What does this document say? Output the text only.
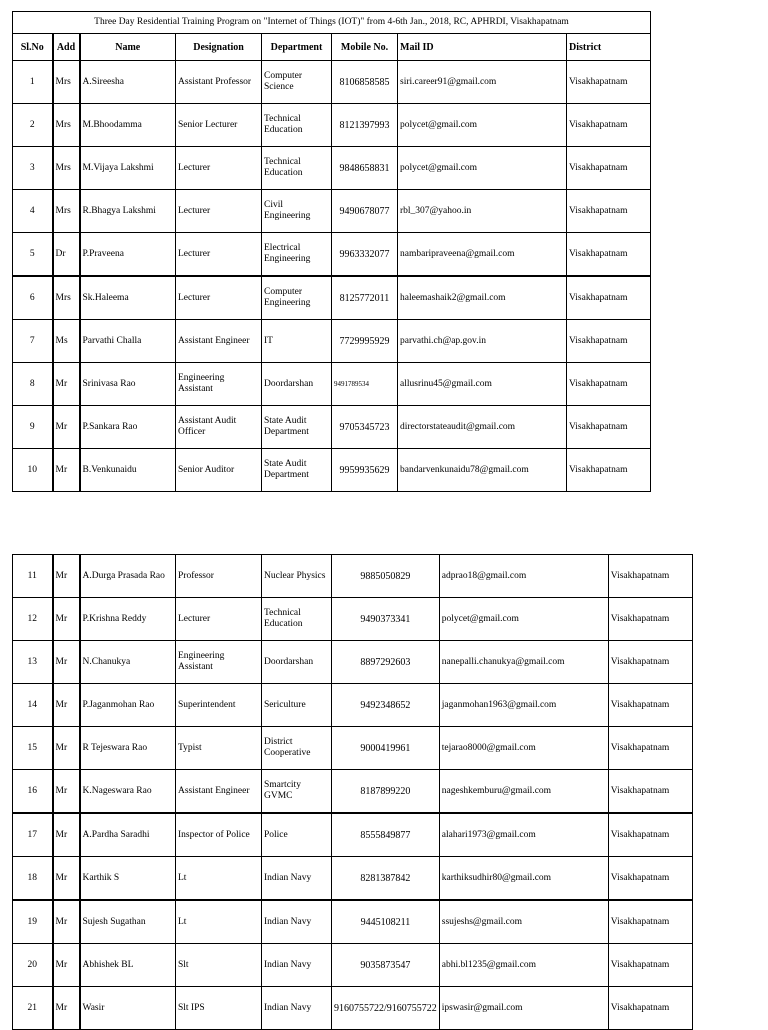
Three Day Residential Training Program on "Internet of Things (IOT)" from 4-6th Jan., 2018, RC, APHRDI, Visakhapatnam							
Sl.No	Add	Name	Designation	Department	Mobile No.	Mail ID	District
1	Mrs	A.Sireesha	Assistant Professor	Computer Science	8106858585	siri.career91@gmail.com	Visakhapatnam
2	Mrs	M.Bhoodamma	Senior Lecturer	Technical Education	8121397993	polycet@gmail.com	Visakhapatnam
3	Mrs	M.Vijaya Lakshmi	Lecturer	Technical Education	9848658831	polycet@gmail.com	Visakhapatnam
4	Mrs	R.Bhagya Lakshmi	Lecturer	Civil Engineering	9490678077	rbl_307@yahoo.in	Visakhapatnam
5	Dr	P.Praveena	Lecturer	Electrical Engineering	9963332077	nambaripraveena@gmail.com	Visakhapatnam
6	Mrs	Sk.Haleema	Lecturer	Computer Engineering	8125772011	haleemashaik2@gmail.com	Visakhapatnam
7	Ms	Parvathi Challa	Assistant Engineer	IT	7729995929	parvathi.ch@ap.gov.in	Visakhapatnam
8	Mr	Srinivasa Rao	Engineering Assistant	Doordarshan	9491789534	allusrinu45@gmail.com	Visakhapatnam
9	Mr	P.Sankara Rao	Assistant Audit Officer	State Audit Department	9705345723	directorstateaudit@gmail.com	Visakhapatnam
10	Mr	B.Venkunaidu	Senior Auditor	State Audit Department	9959935629	bandarvenkunaidu78@gmail.com	Visakhapatnam
11	Mr	A.Durga Prasada Rao	Professor	Nuclear Physics	9885050829	adprao18@gmail.com	Visakhapatnam
12	Mr	P.Krishna Reddy	Lecturer	Technical Education	9490373341	polycet@gmail.com	Visakhapatnam
13	Mr	N.Chanukya	Engineering Assistant	Doordarshan	8897292603	nanepalli.chanukya@gmail.com	Visakhapatnam
14	Mr	P.Jaganmohan Rao	Superintendent	Sericulture	9492348652	jaganmohan1963@gmail.com	Visakhapatnam
15	Mr	R Tejeswara Rao	Typist	District Cooperative	9000419961	tejarao8000@gmail.com	Visakhapatnam
16	Mr	K.Nageswara Rao	Assistant Engineer	Smartcity GVMC	8187899220	nageshkemburu@gmail.com	Visakhapatnam
17	Mr	A.Pardha Saradhi	Inspector of Police	Police	8555849877	alahari1973@gmail.com	Visakhapatnam
18	Mr	Karthik S	Lt	Indian Navy	8281387842	karthiksudhir80@gmail.com	Visakhapatnam
19	Mr	Sujesh Sugathan	Lt	Indian Navy	9445108211	ssujeshs@gmail.com	Visakhapatnam
20	Mr	Abhishek BL	Slt	Indian Navy	9035873547	abhi.bl1235@gmail.com	Visakhapatnam
21	Mr	Wasir	Slt IPS	Indian Navy	9160755722/9160755722	ipswasir@gmail.com	Visakhapatnam
